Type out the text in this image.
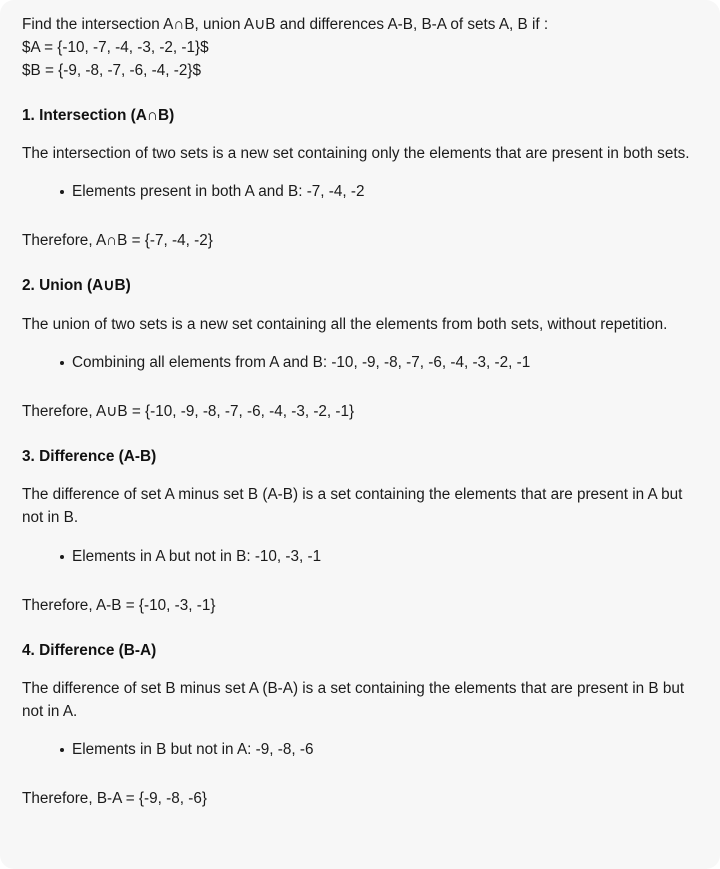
Find the intersection A∩B, union A∪B and differences A-B, B-A of sets A, B if :

$A = {-10, -7, -4, -3, -2, -1}$

$B = {-9, -8, -7, -6, -4, -2}$

1. Intersection (A∩B)

The intersection of two sets is a new set containing only the elements that are present in both sets.

Elements present in both A and B: -7, -4, -2

Therefore, A∩B = {-7, -4, -2}

2. Union (A∪B)

The union of two sets is a new set containing all the elements from both sets, without repetition.

Combining all elements from A and B: -10, -9, -8, -7, -6, -4, -3, -2, -1

Therefore, A∪B = {-10, -9, -8, -7, -6, -4, -3, -2, -1}

3. Difference (A-B)

The difference of set A minus set B (A-B) is a set containing the elements that are present in A but not in B.

Elements in A but not in B: -10, -3, -1

Therefore, A-B = {-10, -3, -1}

4. Difference (B-A)

The difference of set B minus set A (B-A) is a set containing the elements that are present in B but not in A.

Elements in B but not in A: -9, -8, -6

Therefore, B-A = {-9, -8, -6}
